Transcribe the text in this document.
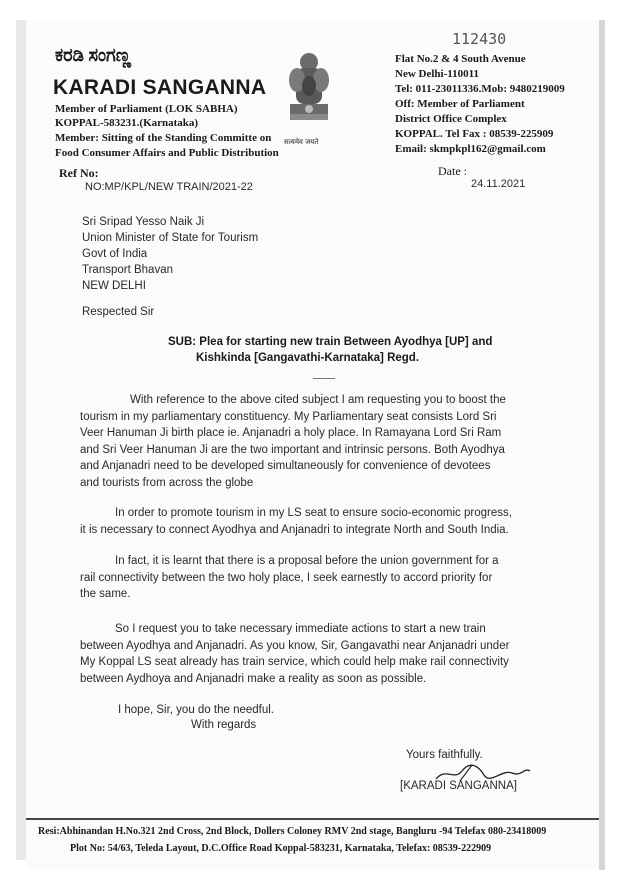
ಕರಡಿ ಸಂಗಣ್ಣ
KARADI SANGANNA
Member of Parliament (LOK SABHA)
KOPPAL-583231.(Karnataka)
Member: Sitting of the Standing Committe on
Food Consumer Affairs and Public Distribution
सत्यमेव जयते
112430
Flat No.2 & 4 South Avenue
New Delhi-110011
Tel: 011-23011336.Mob: 9480219009
Off: Member of Parliament
District Office Complex
KOPPAL. Tel Fax : 08539-225909
Email: skmpkpl162@gmail.com
Ref No:
NO:MP/KPL/NEW TRAIN/2021-22
Date :
24.11.2021
Sri Sripad Yesso Naik Ji
Union Minister of State for Tourism
Govt of India
Transport Bhavan
NEW DELHI
Respected Sir
SUB: Plea for starting new train Between Ayodhya [UP] and
Kishkinda [Gangavathi-Karnataka] Regd.
With reference to the above cited subject I am requesting you to boost the
tourism in my parliamentary constituency. My Parliamentary seat consists Lord Sri
Veer Hanuman Ji birth place ie. Anjanadri a holy place. In Ramayana Lord Sri Ram
and Sri Veer Hanuman Ji are the two important and intrinsic persons. Both Ayodhya
and Anjanadri need to be developed simultaneously for convenience of devotees
and tourists from across the globe
In order to promote tourism in my LS seat to ensure socio-economic progress,
it is necessary to connect Ayodhya and Anjanadri to integrate North and South India.
In fact, it is learnt that there is a proposal before the union government for a
rail connectivity between the two holy place, I seek earnestly to accord priority for
the same.
So I request you to take necessary immediate actions to start a new train
between Ayodhya and Anjanadri. As you know, Sir, Gangavathi near Anjanadri under
My Koppal LS seat already has train service, which could help make rail connectivity
between Aydhoya and Anjanadri make a reality as soon as possible.
I hope, Sir, you do the needful.
With regards
Yours faithfully.
[KARADI SANGANNA]
Resi:Abhinandan H.No.321 2nd Cross, 2nd Block, Dollers Coloney RMV 2nd stage, Bangluru -94 Telefax 080-23418009
Plot No: 54/63, Teleda Layout, D.C.Office Road Koppal-583231, Karnataka, Telefax: 08539-222909
